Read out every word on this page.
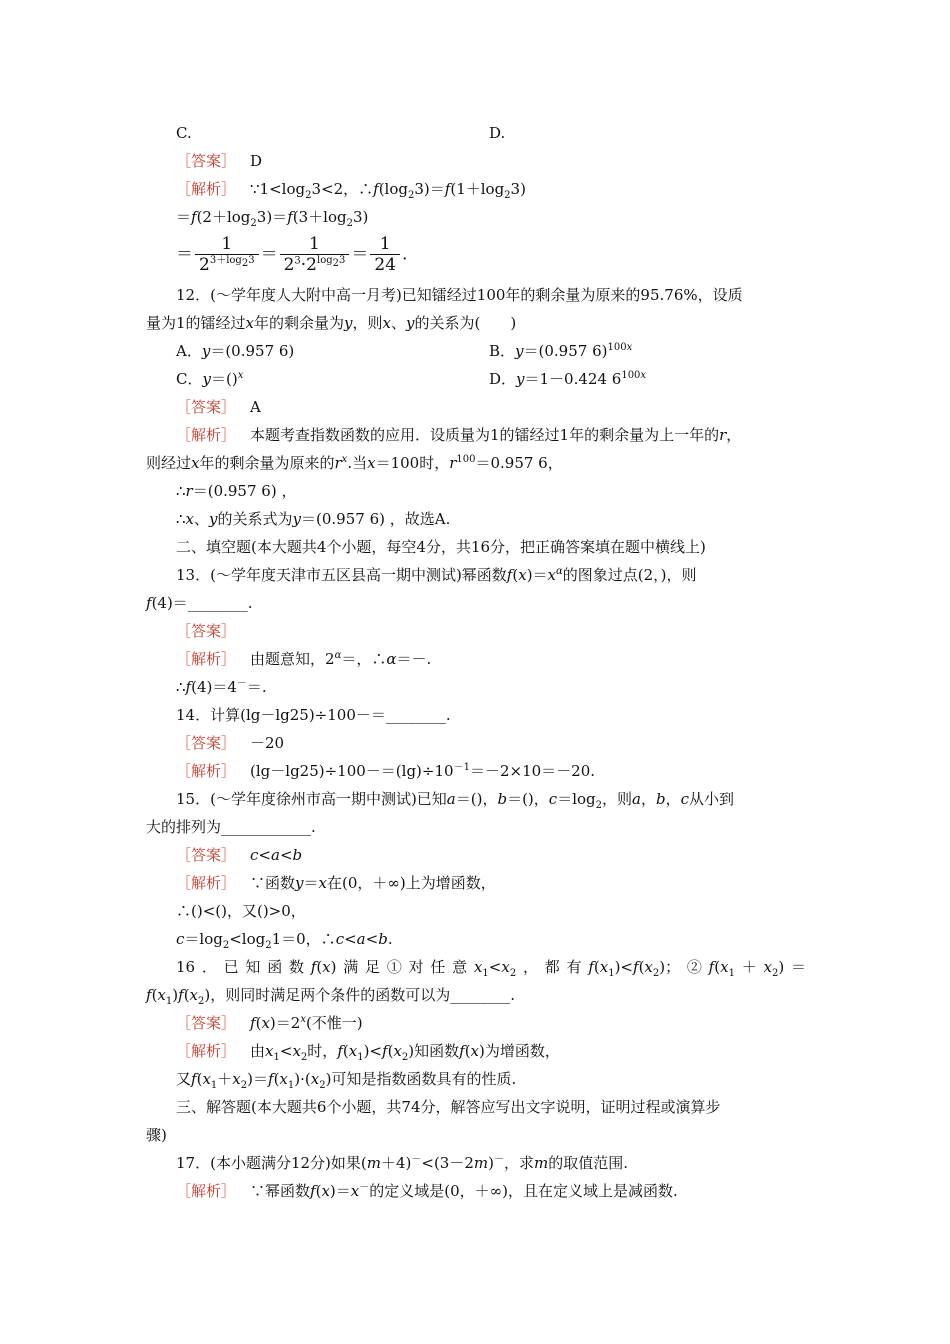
C.	D.
［答案］ D
［解析］ $\because 1<\log_23<2$，$\therefore f(\log_23)=f(1+\log_23)$
$=f(2+\log_23)=f(3+\log_23)$
＝ $\frac{1}{2^{3+log_23}} = \frac{1}{2^3\cdot 2^{log_23}} = \frac{1}{24}$ .
12．(～学年度人大附中高一月考)已知镭经过100年的剩余量为原来的95.76%，设质
量为1的镭经过x年的剩余量为y，则x、y的关系为(　　)
A．y＝(0.957 6)	B．y＝(0.957 6)$^{100x}$
C．y＝()$^x$	D．y＝1－0.424 $6^{100x}$
［答案］ A
［解析］ 本题考查指数函数的应用．设质量为1的镭经过1年的剩余量为上一年的r，
则经过x年的剩余量为原来的$r^x$.当x＝100时，$r^{100}=0.957$ 6，
∴r＝(0.957 6) ，
∴x、y的关系式为y＝(0.957 6) ，故选A.
二、填空题(本大题共4个小题，每空4分，共16分，把正确答案填在题中横线上)
13．(～学年度天津市五区县高一期中测试)幂函数$f(x)=x^\alpha$的图象过点(2，)，则
f(4)＝________.
［答案］
［解析］ 由题意知，$2^\alpha=$，∴α＝－.
∴f(4)＝4－＝.
14．计算(lg－lg25)÷100－＝________.
［答案］ －20
［解析］ $(\lg-\lg 25)\div 100-=(\lg)\div 10^{-1}=-2\times 10=-20$.
15．(～学年度徐州市高一期中测试)已知a＝()，b＝()，$c=\log_2$，则a，b，c从小到
大的排列为____________.
［答案］ c<a<b
［解析］ ∵函数y＝x在(0，＋∞)上为增函数，
∴()<()，又()>0，
$c=\log_2<\log_21=0$，∴c<a<b.
16．已知函数f(x)满足①对任意$x_1<x_2$，都有$f(x_1)<f(x_2)$；$②f(x_1+x_2)=$
$f(x_1)f(x_2)$，则同时满足两个条件的函数可以为________.
［答案］ $f(x)=2^x$(不惟一)
［解析］ 由$x_1<x_2$时，$f(x_1)<f(x_2)$知函数f(x)为增函数，
又$f(x_1+x_2)=f(x_1)\cdot(x_2)$可知是指数函数具有的性质.
三、解答题(本大题共6个小题，共74分，解答应写出文字说明，证明过程或演算步
骤)
17．(本小题满分12分)如果(m＋4)－<(3－2m)－，求m的取值范围.
［解析］ ∵幂函数f(x)＝x－的定义域是(0，＋∞)，且在定义域上是减函数.
